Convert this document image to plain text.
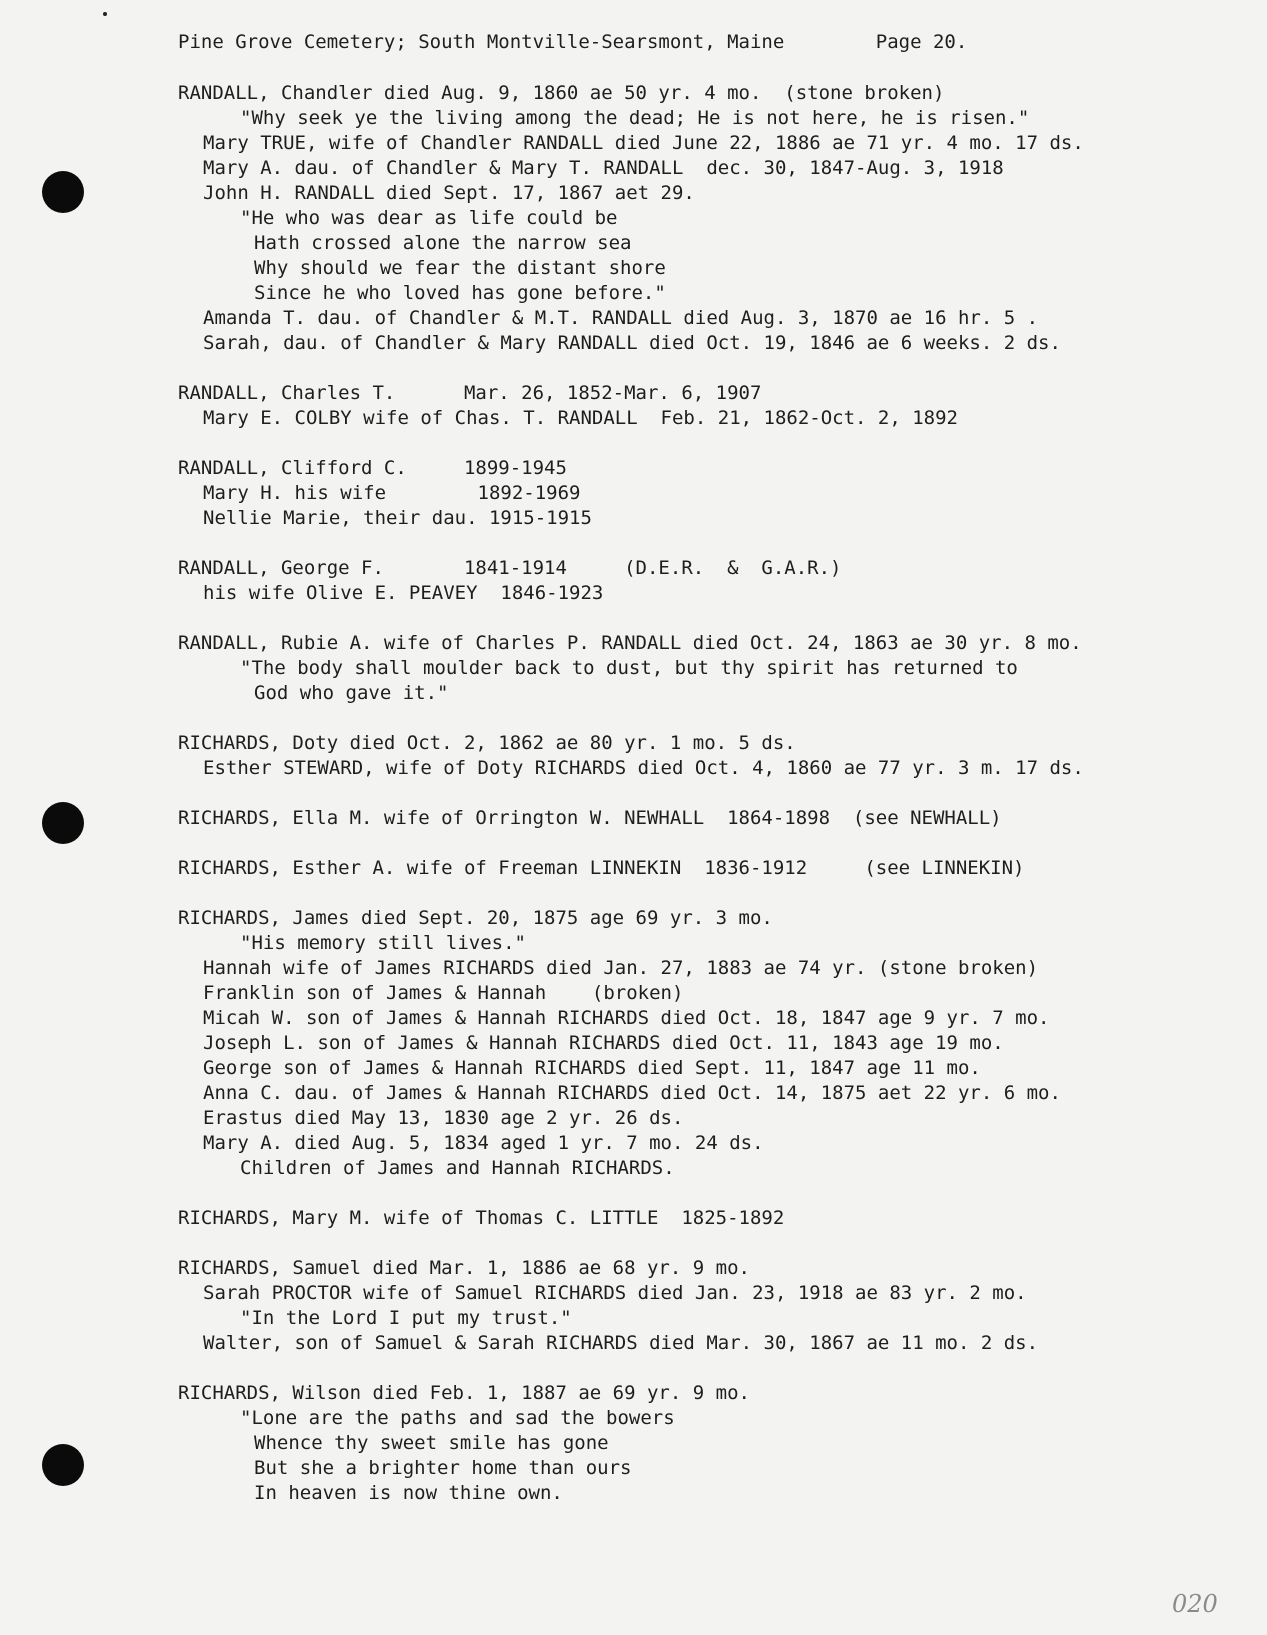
Pine Grove Cemetery; South Montville-Searsmont, Maine	Page 20.
RANDALL, Chandler died Aug. 9, 1860 ae 50 yr. 4 mo.  (stone broken)
"Why seek ye the living among the dead; He is not here, he is risen."
Mary TRUE, wife of Chandler RANDALL died June 22, 1886 ae 71 yr. 4 mo. 17 ds.
Mary A. dau. of Chandler & Mary T. RANDALL  dec. 30, 1847-Aug. 3, 1918
John H. RANDALL died Sept. 17, 1867 aet 29.
"He who was dear as life could be
Hath crossed alone the narrow sea
Why should we fear the distant shore
Since he who loved has gone before."
Amanda T. dau. of Chandler & M.T. RANDALL died Aug. 3, 1870 ae 16 hr. 5 .
Sarah, dau. of Chandler & Mary RANDALL died Oct. 19, 1846 ae 6 weeks. 2 ds.
RANDALL, Charles T.      Mar. 26, 1852-Mar. 6, 1907
Mary E. COLBY wife of Chas. T. RANDALL  Feb. 21, 1862-Oct. 2, 1892
RANDALL, Clifford C.     1899-1945
Mary H. his wife        1892-1969
Nellie Marie, their dau. 1915-1915
RANDALL, George F.       1841-1914     (D.E.R.  &  G.A.R.)
his wife Olive E. PEAVEY  1846-1923
RANDALL, Rubie A. wife of Charles P. RANDALL died Oct. 24, 1863 ae 30 yr. 8 mo.
"The body shall moulder back to dust, but thy spirit has returned to
God who gave it."
RICHARDS, Doty died Oct. 2, 1862 ae 80 yr. 1 mo. 5 ds.
Esther STEWARD, wife of Doty RICHARDS died Oct. 4, 1860 ae 77 yr. 3 m. 17 ds.
RICHARDS, Ella M. wife of Orrington W. NEWHALL  1864-1898  (see NEWHALL)
RICHARDS, Esther A. wife of Freeman LINNEKIN  1836-1912     (see LINNEKIN)
RICHARDS, James died Sept. 20, 1875 age 69 yr. 3 mo.
"His memory still lives."
Hannah wife of James RICHARDS died Jan. 27, 1883 ae 74 yr. (stone broken)
Franklin son of James & Hannah    (broken)
Micah W. son of James & Hannah RICHARDS died Oct. 18, 1847 age 9 yr. 7 mo.
Joseph L. son of James & Hannah RICHARDS died Oct. 11, 1843 age 19 mo.
George son of James & Hannah RICHARDS died Sept. 11, 1847 age 11 mo.
Anna C. dau. of James & Hannah RICHARDS died Oct. 14, 1875 aet 22 yr. 6 mo.
Erastus died May 13, 1830 age 2 yr. 26 ds.
Mary A. died Aug. 5, 1834 aged 1 yr. 7 mo. 24 ds.
Children of James and Hannah RICHARDS.
RICHARDS, Mary M. wife of Thomas C. LITTLE  1825-1892
RICHARDS, Samuel died Mar. 1, 1886 ae 68 yr. 9 mo.
Sarah PROCTOR wife of Samuel RICHARDS died Jan. 23, 1918 ae 83 yr. 2 mo.
"In the Lord I put my trust."
Walter, son of Samuel & Sarah RICHARDS died Mar. 30, 1867 ae 11 mo. 2 ds.
RICHARDS, Wilson died Feb. 1, 1887 ae 69 yr. 9 mo.
"Lone are the paths and sad the bowers
Whence thy sweet smile has gone
But she a brighter home than ours
In heaven is now thine own.
020
